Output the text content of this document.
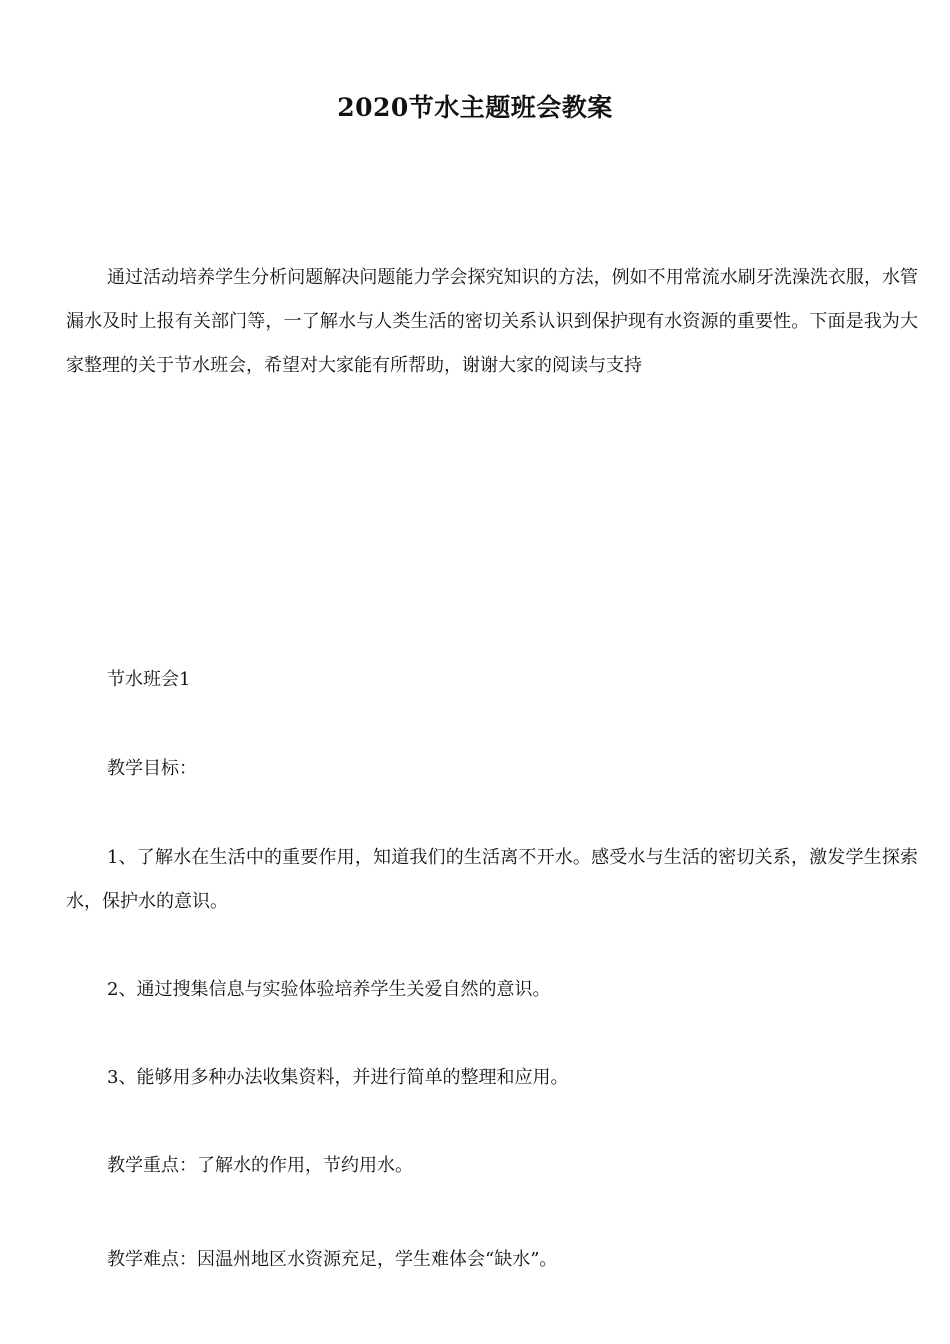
2020节水主题班会教案

通过活动培养学生分析问题解决问题能力学会探究知识的方法，例如不用常流水刷牙洗澡洗衣服，水管漏水及时上报有关部门等，一了解水与人类生活的密切关系认识到保护现有水资源的重要性。下面是我为大家整理的关于节水班会，希望对大家能有所帮助，谢谢大家的阅读与支持

节水班会1

教学目标：

1、了解水在生活中的重要作用，知道我们的生活离不开水。感受水与生活的密切关系，激发学生探索水，保护水的意识。

2、通过搜集信息与实验体验培养学生关爱自然的意识。

3、能够用多种办法收集资料，并进行简单的整理和应用。

教学重点：了解水的作用，节约用水。

教学难点：因温州地区水资源充足，学生难体会“缺水”。
